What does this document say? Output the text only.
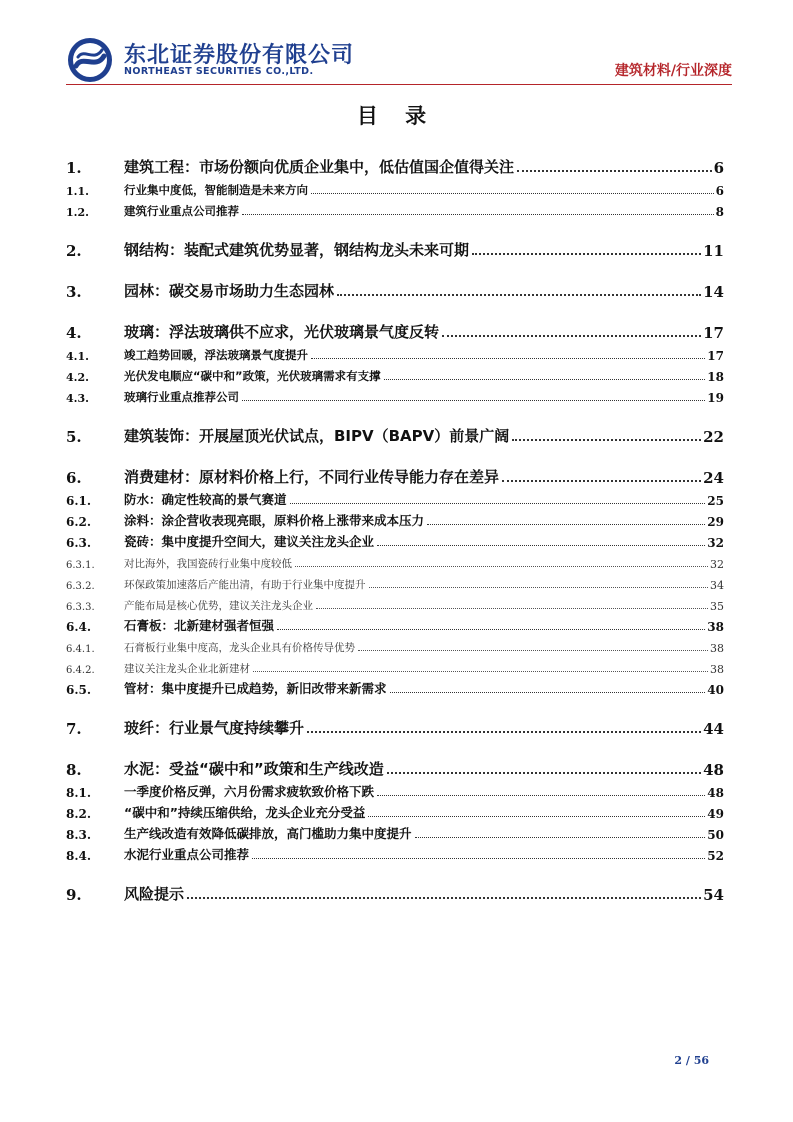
东北证券股份有限公司
NORTHEAST SECURITIES CO.,LTD.	建筑材料/行业深度
目 录
1.	建筑工程：市场份额向优质企业集中，低估值国企值得关注	6
1.1.	行业集中度低，智能制造是未来方向	6
1.2.	建筑行业重点公司推荐	8
2.	钢结构：装配式建筑优势显著，钢结构龙头未来可期	11
3.	园林：碳交易市场助力生态园林	14
4.	玻璃：浮法玻璃供不应求，光伏玻璃景气度反转	17
4.1.	竣工趋势回暖，浮法玻璃景气度提升	17
4.2.	光伏发电顺应“碳中和”政策，光伏玻璃需求有支撑	18
4.3.	玻璃行业重点推荐公司	19
5.	建筑装饰：开展屋顶光伏试点，BIPV（BAPV）前景广阔	22
6.	消费建材：原材料价格上行，不同行业传导能力存在差异	24
6.1.	防水：确定性较高的景气赛道	25
6.2.	涂料：涂企营收表现亮眼，原料价格上涨带来成本压力	29
6.3.	瓷砖：集中度提升空间大，建议关注龙头企业	32
6.3.1.	对比海外，我国瓷砖行业集中度较低	32
6.3.2.	环保政策加速落后产能出清，有助于行业集中度提升	34
6.3.3.	产能布局是核心优势，建议关注龙头企业	35
6.4.	石膏板：北新建材强者恒强	38
6.4.1.	石膏板行业集中度高，龙头企业具有价格传导优势	38
6.4.2.	建议关注龙头企业北新建材	38
6.5.	管材：集中度提升已成趋势，新旧改带来新需求	40
7.	玻纤：行业景气度持续攀升	44
8.	水泥：受益“碳中和”政策和生产线改造	48
8.1.	一季度价格反弹，六月份需求疲软致价格下跌	48
8.2.	“碳中和”持续压缩供给，龙头企业充分受益	49
8.3.	生产线改造有效降低碳排放，高门槛助力集中度提升	50
8.4.	水泥行业重点公司推荐	52
9.	风险提示	54
2 / 56
